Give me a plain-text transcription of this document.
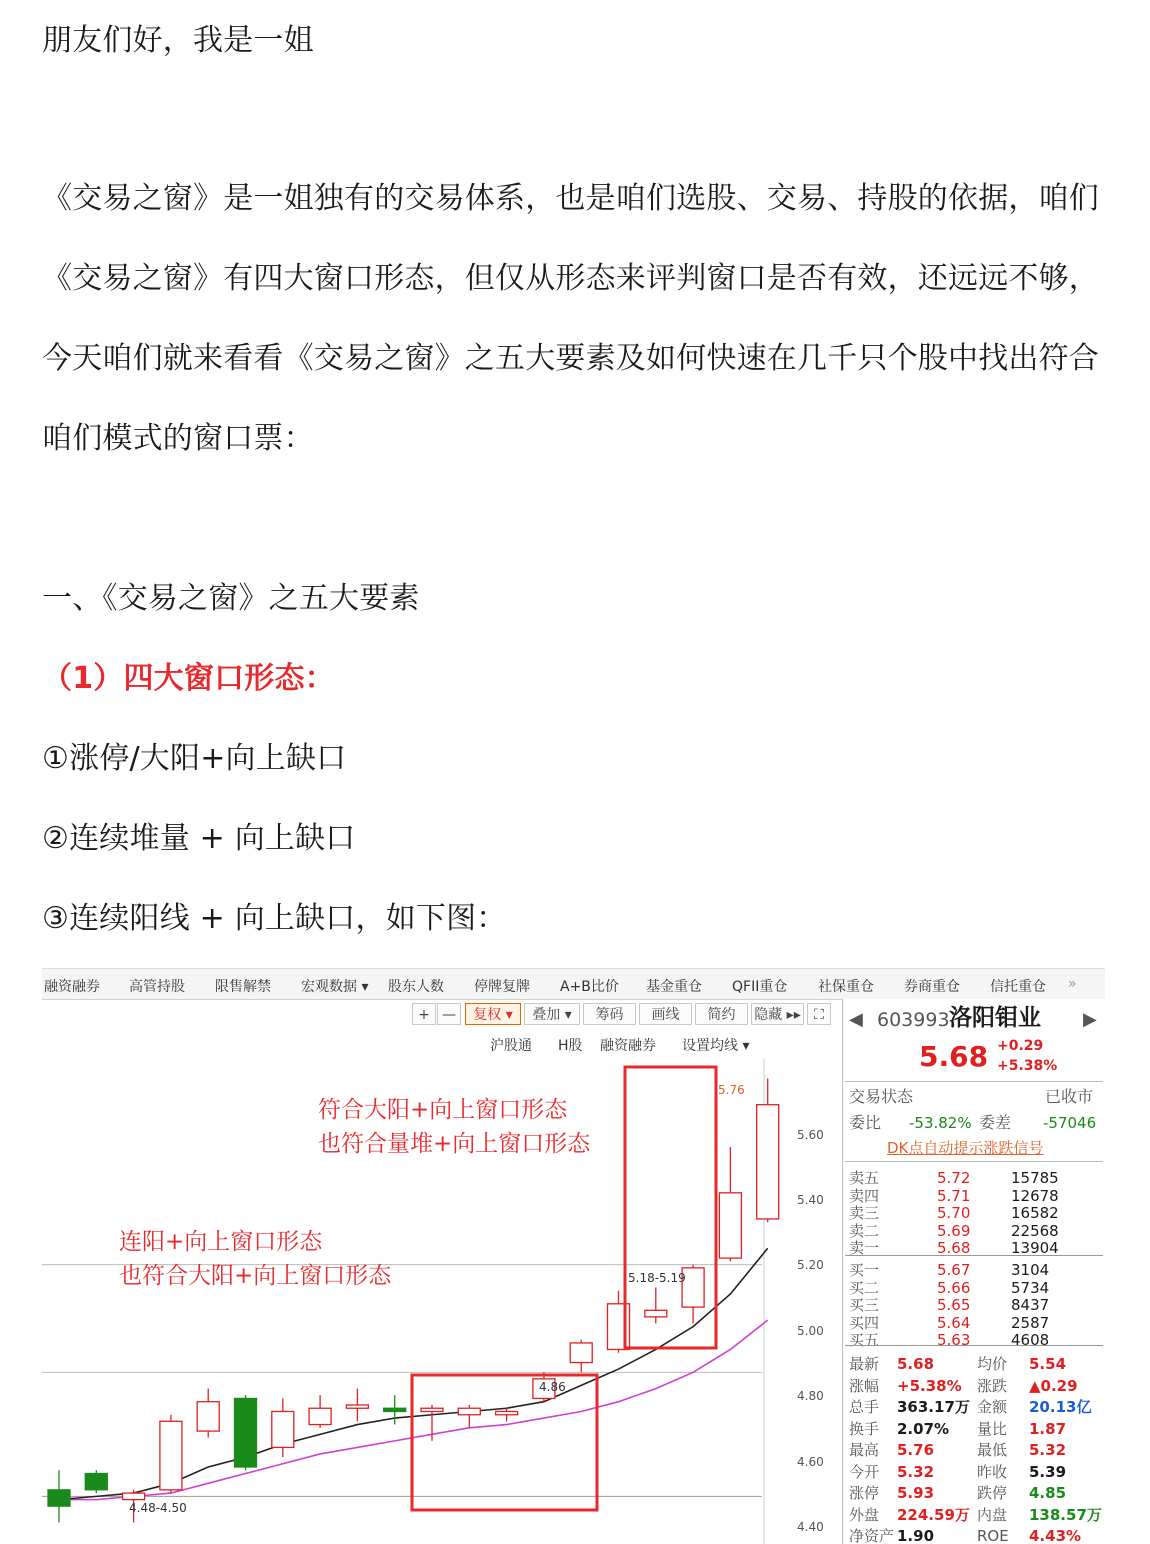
朋友们好，我是一姐
《交易之窗》是一姐独有的交易体系，也是咱们选股、交易、持股的依据，咱们
《交易之窗》有四大窗口形态，但仅从形态来评判窗口是否有效，还远远不够，
今天咱们就来看看《交易之窗》之五大要素及如何快速在几千只个股中找出符合
咱们模式的窗口票：
一、《交易之窗》之五大要素
（1）四大窗口形态：
①涨停/大阳+向上缺口
②连续堆量 + 向上缺口
③连续阳线 + 向上缺口，如下图：
融资融券 高管持股 限售解禁 宏观数据 ▾ 股东人数 停牌复牌 A+B比价 基金重仓 QFII重仓 社保重仓 券商重仓 信托重仓 »
+ —	复权 ▾	叠加 ▾	筹码	画线	简约	隐藏 ▸▸ ⛶
沪股通 H股 融资融券 设置均线 ▾
符合大阳+向上窗口形态
也符合量堆+向上窗口形态
连阳+向上窗口形态
也符合大阳+向上窗口形态
5.76
5.18-5.19
4.86
4.48-4.50
5.60
5.40
5.20
5.00
4.80
4.60
4.40
◀ 603993 洛阳钼业 ▶
5.68 +0.29
+5.38%
交易状态	已收市
委比 -53.82% 委差 -57046
DK点自动提示涨跌信号
卖五	5.72	15785
卖四	5.71	12678
卖三	5.70	16582
卖二	5.69	22568
卖一	5.68	13904
买一	5.67	3104
买二	5.66	5734
买三	5.65	8437
买四	5.64	2587
买五	5.63	4608
最新 5.68	均价 5.54
涨幅 +5.38% 涨跌 ▲0.29
总手 363.17万 金额 20.13亿
换手 2.07% 量比 1.87
最高 5.76	最低 5.32
今开 5.32	昨收 5.39
涨停 5.93	跌停 4.85
外盘 224.59万 内盘 138.57万
净资产 1.90	ROE 4.43%
